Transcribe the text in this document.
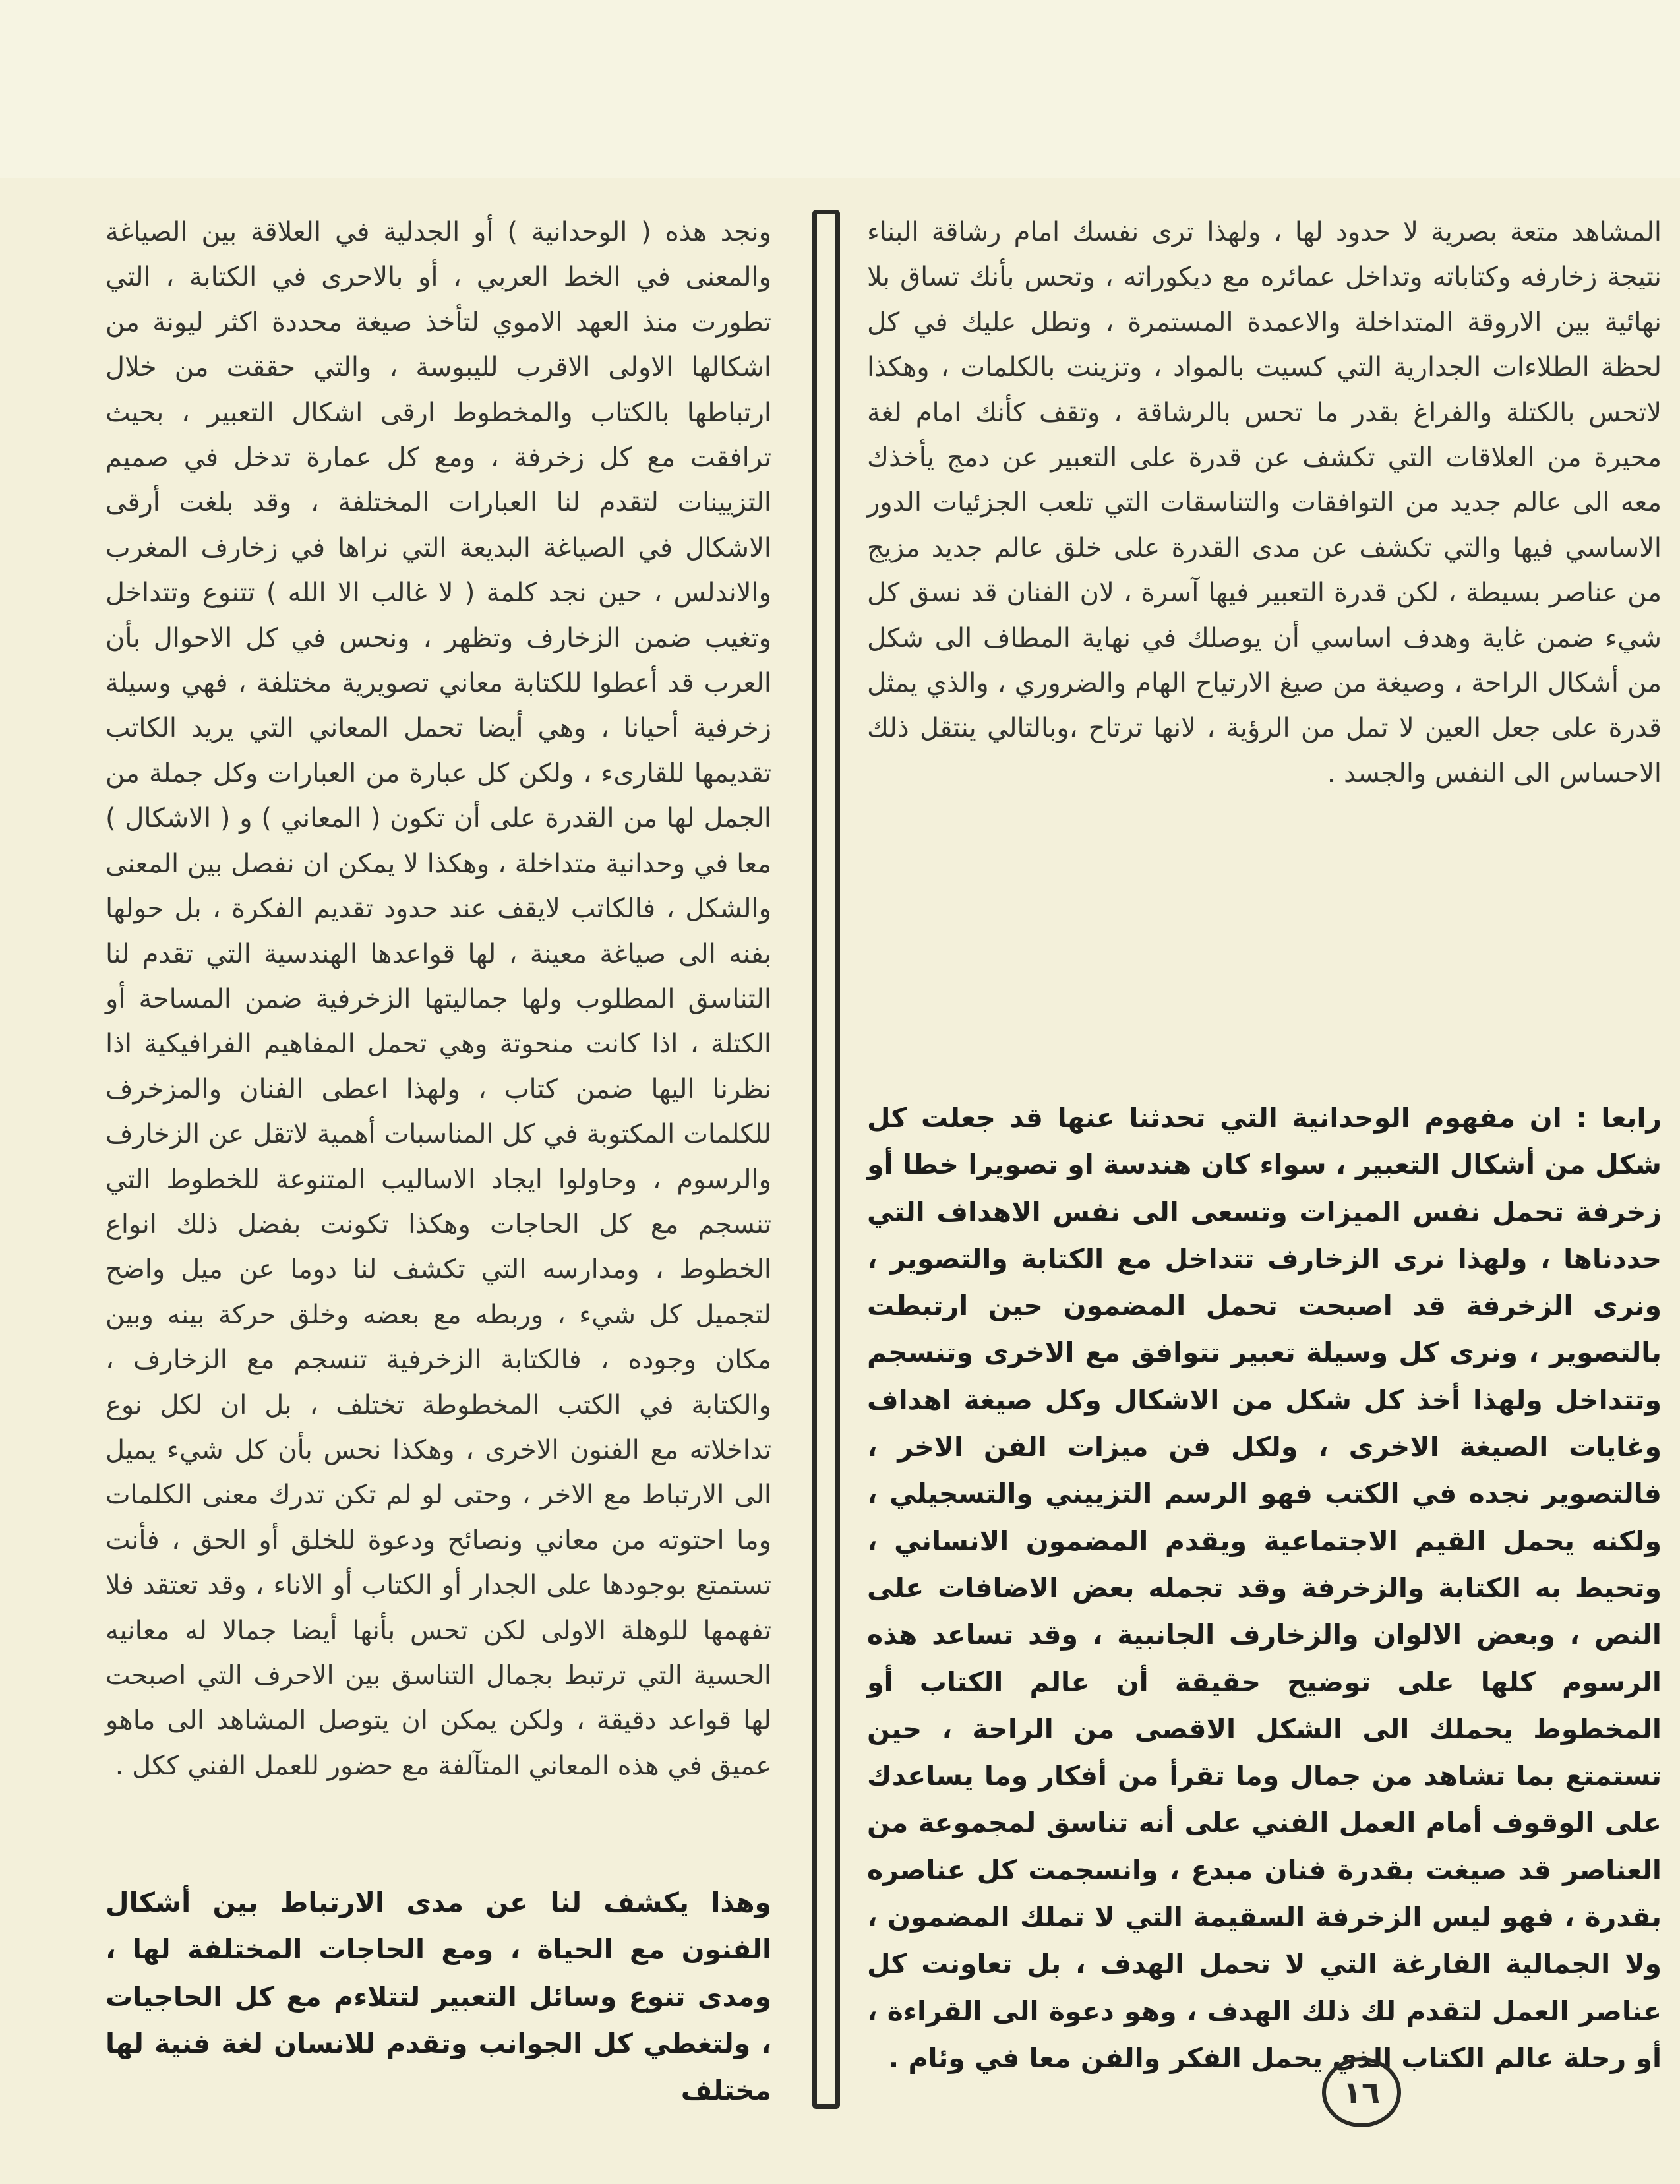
المشاهد متعة بصرية لا حدود لها ، ولهذا ترى نفسك امام رشاقة البناء نتيجة زخارفه وكتاباته وتداخل عمائره مع ديكوراته ، وتحس بأنك تساق بلا نهائية بين الاروقة المتداخلة والاعمدة المستمرة ، وتطل عليك في كل لحظة الطلاءات الجدارية التي كسيت بالمواد ، وتزينت بالكلمات ، وهكذا لاتحس بالكتلة والفراغ بقدر ما تحس بالرشاقة ، وتقف كأنك امام لغة محيرة من العلاقات التي تكشف عن قدرة على التعبير عن دمج يأخذك معه الى عالم جديد من التوافقات والتناسقات التي تلعب الجزئيات الدور الاساسي فيها والتي تكشف عن مدى القدرة على خلق عالم جديد مزيج من عناصر بسيطة ، لكن قدرة التعبير فيها آسرة ، لان الفنان قد نسق كل شيء ضمن غاية وهدف اساسي أن يوصلك في نهاية المطاف الى شكل من أشكال الراحة ، وصيغة من صيغ الارتياح الهام والضروري ، والذي يمثل قدرة على جعل العين لا تمل من الرؤية ، لانها ترتاح ،وبالتالي ينتقل ذلك الاحساس الى النفس والجسد .

رابعا : ان مفهوم الوحدانية التي تحدثنا عنها قد جعلت كل شكل من أشكال التعبير ، سواء كان هندسة او تصويرا خطا أو زخرفة تحمل نفس الميزات وتسعى الى نفس الاهداف التي حددناها ، ولهذا نرى الزخارف تتداخل مع الكتابة والتصوير ، ونرى الزخرفة قد اصبحت تحمل المضمون حين ارتبطت بالتصوير ، ونرى كل وسيلة تعبير تتوافق مع الاخرى وتنسجم وتتداخل ولهذا أخذ كل شكل من الاشكال وكل صيغة اهداف وغايات الصيغة الاخرى ، ولكل فن ميزات الفن الاخر ، فالتصوير نجده في الكتب فهو الرسم التزييني والتسجيلي ، ولكنه يحمل القيم الاجتماعية ويقدم المضمون الانساني ، وتحيط به الكتابة والزخرفة وقد تجمله بعض الاضافات على النص ، وبعض الالوان والزخارف الجانبية ، وقد تساعد هذه الرسوم كلها على توضيح حقيقة أن عالم الكتاب أو المخطوط يحملك الى الشكل الاقصى من الراحة ، حين تستمتع بما تشاهد من جمال وما تقرأ من أفكار وما يساعدك على الوقوف أمام العمل الفني على أنه تناسق لمجموعة من العناصر قد صيغت بقدرة فنان مبدع ، وانسجمت كل عناصره بقدرة ، فهو ليس الزخرفة السقيمة التي لا تملك المضمون ، ولا الجمالية الفارغة التي لا تحمل الهدف ، بل تعاونت كل عناصر العمل لتقدم لك ذلك الهدف ، وهو دعوة الى القراءة ، أو رحلة عالم الكتاب الذي يحمل الفكر والفن معا في وئام .

ونجد هذه ( الوحدانية ) أو الجدلية في العلاقة بين الصياغة والمعنى في الخط العربي ، أو بالاحرى في الكتابة ، التي تطورت منذ العهد الاموي لتأخذ صيغة محددة اكثر ليونة من اشكالها الاولى الاقرب لليبوسة ، والتي حققت من خلال ارتباطها بالكتاب والمخطوط ارقى اشكال التعبير ، بحيث ترافقت مع كل زخرفة ، ومع كل عمارة تدخل في صميم التزيينات لتقدم لنا العبارات المختلفة ، وقد بلغت أرقى الاشكال في الصياغة البديعة التي نراها في زخارف المغرب والاندلس ، حين نجد كلمة ( لا غالب الا الله ) تتنوع وتتداخل وتغيب ضمن الزخارف وتظهر ، ونحس في كل الاحوال بأن العرب قد أعطوا للكتابة معاني تصويرية مختلفة ، فهي وسيلة زخرفية أحيانا ، وهي أيضا تحمل المعاني التي يريد الكاتب تقديمها للقارىء ، ولكن كل عبارة من العبارات وكل جملة من الجمل لها من القدرة على أن تكون ( المعاني ) و ( الاشكال ) معا في وحدانية متداخلة ، وهكذا لا يمكن ان نفصل بين المعنى والشكل ، فالكاتب لايقف عند حدود تقديم الفكرة ، بل حولها بفنه الى صياغة معينة ، لها قواعدها الهندسية التي تقدم لنا التناسق المطلوب ولها جماليتها الزخرفية ضمن المساحة أو الكتلة ، اذا كانت منحوتة وهي تحمل المفاهيم الفرافيكية اذا نظرنا اليها ضمن كتاب ، ولهذا اعطى الفنان والمزخرف للكلمات المكتوبة في كل المناسبات أهمية لاتقل عن الزخارف والرسوم ، وحاولوا ايجاد الاساليب المتنوعة للخطوط التي تنسجم مع كل الحاجات وهكذا تكونت بفضل ذلك انواع الخطوط ، ومدارسه التي تكشف لنا دوما عن ميل واضح لتجميل كل شيء ، وربطه مع بعضه وخلق حركة بينه وبين مكان وجوده ، فالكتابة الزخرفية تنسجم مع الزخارف ، والكتابة في الكتب المخطوطة تختلف ، بل ان لكل نوع تداخلاته مع الفنون الاخرى ، وهكذا نحس بأن كل شيء يميل الى الارتباط مع الاخر ، وحتى لو لم تكن تدرك معنى الكلمات وما احتوته من معاني ونصائح ودعوة للخلق أو الحق ، فأنت تستمتع بوجودها على الجدار أو الكتاب أو الاناء ، وقد تعتقد فلا تفهمها للوهلة الاولى لكن تحس بأنها أيضا جمالا له معانيه الحسية التي ترتبط بجمال التناسق بين الاحرف التي اصبحت لها قواعد دقيقة ، ولكن يمكن ان يتوصل المشاهد الى ماهو عميق في هذه المعاني المتآلفة مع حضور للعمل الفني ككل .

وهذا يكشف لنا عن مدى الارتباط بين أشكال الفنون مع الحياة ، ومع الحاجات المختلفة لها ، ومدى تنوع وسائل التعبير لتتلاءم مع كل الحاجيات ، ولتغطي كل الجوانب وتقدم للانسان لغة فنية لها مختلف	١٦
